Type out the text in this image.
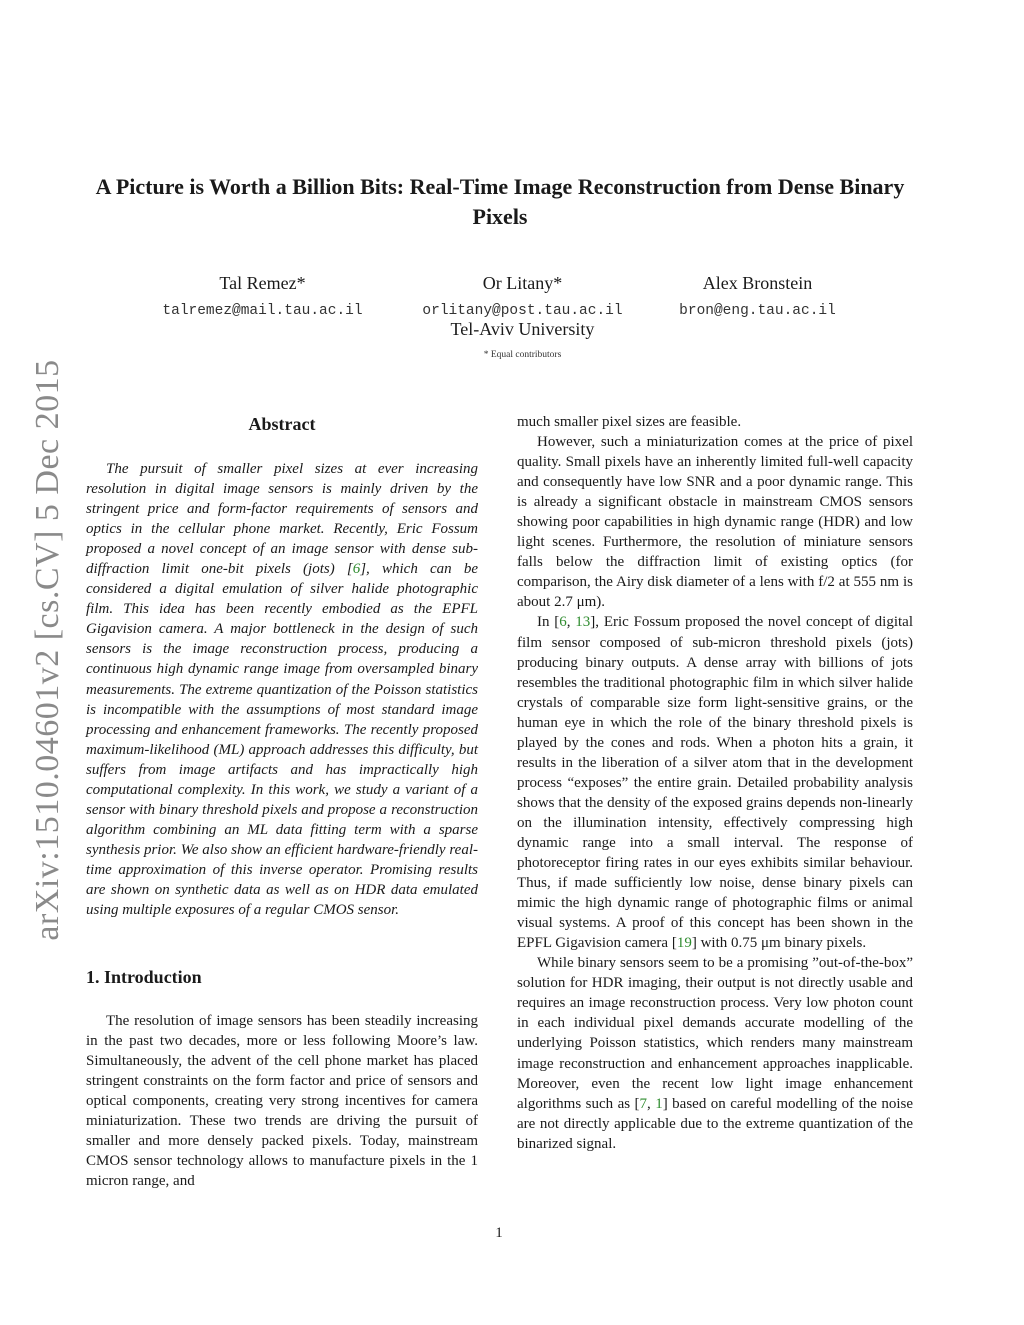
arXiv:1510.04601v2 [cs.CV] 5 Dec 2015
A Picture is Worth a Billion Bits: Real-Time Image Reconstruction from Dense Binary Pixels
Tal Remez*
talremez@mail.tau.ac.il
Or Litany*
orlitany@post.tau.ac.il
Alex Bronstein
bron@eng.tau.ac.il
Tel-Aviv University
* Equal contributors
Abstract

The pursuit of smaller pixel sizes at ever increasing resolution in digital image sensors is mainly driven by the stringent price and form-factor requirements of sensors and optics in the cellular phone market. Recently, Eric Fossum proposed a novel concept of an image sensor with dense sub-diffraction limit one-bit pixels (jots) [6], which can be considered a digital emulation of silver halide photographic film. This idea has been recently embodied as the EPFL Gigavision camera. A major bottleneck in the design of such sensors is the image reconstruction process, producing a continuous high dynamic range image from oversampled binary measurements. The extreme quantization of the Poisson statistics is incompatible with the assumptions of most standard image processing and enhancement frameworks. The recently proposed maximum-likelihood (ML) approach addresses this difficulty, but suffers from image artifacts and has impractically high computational complexity. In this work, we study a variant of a sensor with binary threshold pixels and propose a reconstruction algorithm combining an ML data fitting term with a sparse synthesis prior. We also show an efficient hardware-friendly real-time approximation of this inverse operator. Promising results are shown on synthetic data as well as on HDR data emulated using multiple exposures of a regular CMOS sensor.

1. Introduction

The resolution of image sensors has been steadily increasing in the past two decades, more or less following Moore’s law. Simultaneously, the advent of the cell phone market has placed stringent constraints on the form factor and price of sensors and optical components, creating very strong incentives for camera miniaturization. These two trends are driving the pursuit of smaller and more densely packed pixels. Today, mainstream CMOS sensor technology allows to manufacture pixels in the 1 micron range, and

much smaller pixel sizes are feasible.

However, such a miniaturization comes at the price of pixel quality. Small pixels have an inherently limited full-well capacity and consequently have low SNR and a poor dynamic range. This is already a significant obstacle in mainstream CMOS sensors showing poor capabilities in high dynamic range (HDR) and low light scenes. Furthermore, the resolution of miniature sensors falls below the diffraction limit of existing optics (for comparison, the Airy disk diameter of a lens with f/2 at 555 nm is about 2.7 μm).

In [6, 13], Eric Fossum proposed the novel concept of digital film sensor composed of sub-micron threshold pixels (jots) producing binary outputs. A dense array with billions of jots resembles the traditional photographic film in which silver halide crystals of comparable size form light-sensitive grains, or the human eye in which the role of the binary threshold pixels is played by the cones and rods. When a photon hits a grain, it results in the liberation of a silver atom that in the development process “exposes” the entire grain. Detailed probability analysis shows that the density of the exposed grains depends non-linearly on the illumination intensity, effectively compressing high dynamic range into a small interval. The response of photoreceptor firing rates in our eyes exhibits similar behaviour. Thus, if made sufficiently low noise, dense binary pixels can mimic the high dynamic range of photographic films or animal visual systems. A proof of this concept has been shown in the EPFL Gigavision camera [19] with 0.75 μm binary pixels.

While binary sensors seem to be a promising ”out-of-the-box” solution for HDR imaging, their output is not directly usable and requires an image reconstruction process. Very low photon count in each individual pixel demands accurate modelling of the underlying Poisson statistics, which renders many mainstream image reconstruction and enhancement approaches inapplicable. Moreover, even the recent low light image enhancement algorithms such as [7, 1] based on careful modelling of the noise are not directly applicable due to the extreme quantization of the binarized signal.

1
